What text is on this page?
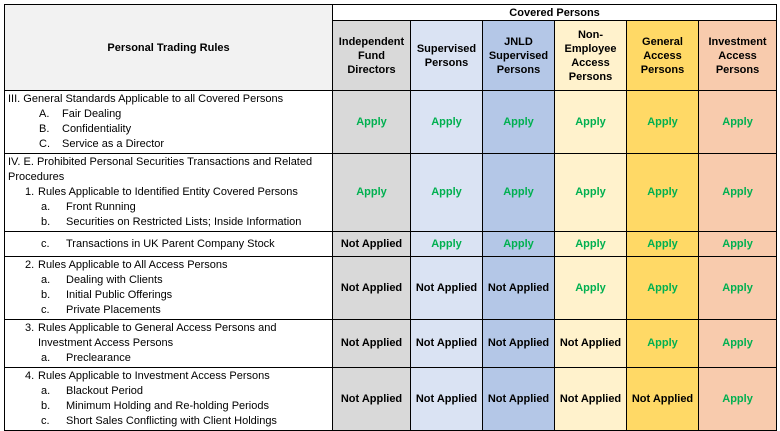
Personal Trading Rules	Covered Persons					
	Independent Fund Directors	Supervised Persons	JNLD Supervised Persons	Non-Employee Access Persons	General Access Persons	Investment Access Persons

III. General Standards Applicable to all Covered Persons
A. Fair Dealing
B. Confidentiality
C. Service as a Director	Apply	Apply	Apply	Apply	Apply	Apply

IV. E. Prohibited Personal Securities Transactions and Related
Procedures
1. Rules Applicable to Identified Entity Covered Persons
a. Front Running
b. Securities on Restricted Lists; Inside Information	Apply	Apply	Apply	Apply	Apply	Apply

c. Transactions in UK Parent Company Stock	Not Applied	Apply	Apply	Apply	Apply	Apply

2. Rules Applicable to All Access Persons
a. Dealing with Clients
b. Initial Public Offerings
c. Private Placements	Not Applied	Not Applied	Not Applied	Apply	Apply	Apply

3. Rules Applicable to General Access Persons and
Investment Access Persons
a. Preclearance	Not Applied	Not Applied	Not Applied	Not Applied	Apply	Apply

4. Rules Applicable to Investment Access Persons
a. Blackout Period
b. Minimum Holding and Re-holding Periods
c. Short Sales Conflicting with Client Holdings	Not Applied	Not Applied	Not Applied	Not Applied	Not Applied	Apply
